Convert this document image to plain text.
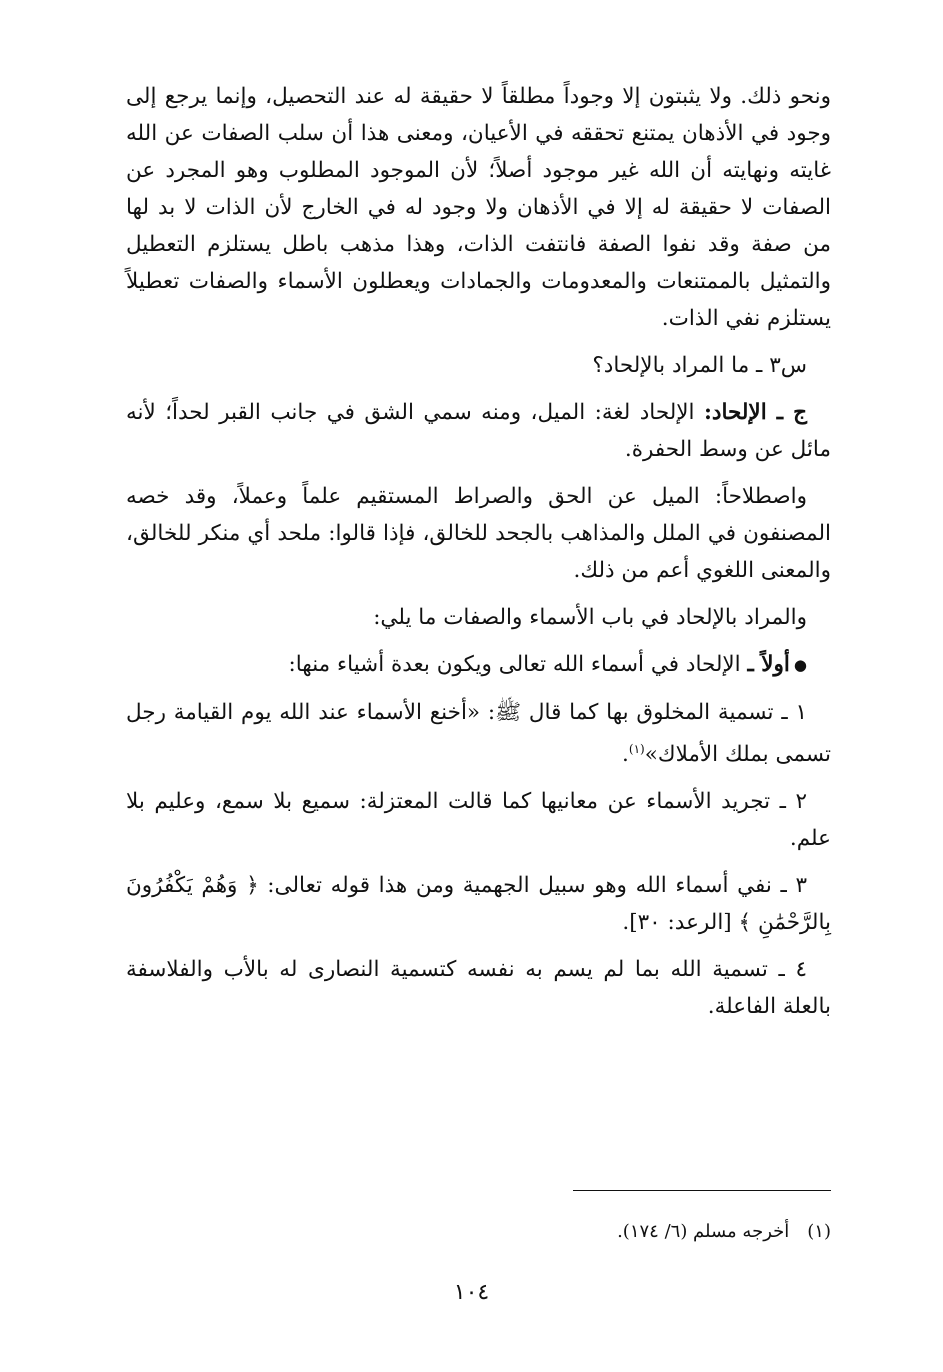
ونحو ذلك. ولا يثبتون إلا وجوداً مطلقاً لا حقيقة له عند التحصيل، وإنما يرجع إلى وجود في الأذهان يمتنع تحققه في الأعيان، ومعنى هذا أن سلب الصفات عن الله غايته ونهايته أن الله غير موجود أصلاً؛ لأن الموجود المطلوب وهو المجرد عن الصفات لا حقيقة له إلا في الأذهان ولا وجود له في الخارج لأن الذات لا بد لها من صفة وقد نفوا الصفة فانتفت الذات، وهذا مذهب باطل يستلزم التعطيل والتمثيل بالممتنعات والمعدومات والجمادات ويعطلون الأسماء والصفات تعطيلاً يستلزم نفي الذات.

س٣ ـ ما المراد بالإلحاد؟

ج ـ الإلحاد: الإلحاد لغة: الميل، ومنه سمي الشق في جانب القبر لحداً؛ لأنه مائل عن وسط الحفرة.

واصطلاحاً: الميل عن الحق والصراط المستقيم علماً وعملاً، وقد خصه المصنفون في الملل والمذاهب بالجحد للخالق، فإذا قالوا: ملحد أي منكر للخالق، والمعنى اللغوي أعم من ذلك.

والمراد بالإلحاد في باب الأسماء والصفات ما يلي:

●أولاً ـ الإلحاد في أسماء الله تعالى ويكون بعدة أشياء منها:

١ ـ تسمية المخلوق بها كما قال ﷺ: «أخنع الأسماء عند الله يوم القيامة رجل تسمى بملك الأملاك»$^{(١)}$.

٢ ـ تجريد الأسماء عن معانيها كما قالت المعتزلة: سميع بلا سمع، وعليم بلا علم.

٣ ـ نفي أسماء الله وهو سبيل الجهمية ومن هذا قوله تعالى: ﴿ وَهُمْ يَكْفُرُونَ بِالرَّحْمَٰنِ ﴾ [الرعد: ٣٠].

٤ ـ تسمية الله بما لم يسم به نفسه كتسمية النصارى له بالأب والفلاسفة بالعلة الفاعلة.

(١)أخرجه مسلم (٦/ ١٧٤).
١٠٤
